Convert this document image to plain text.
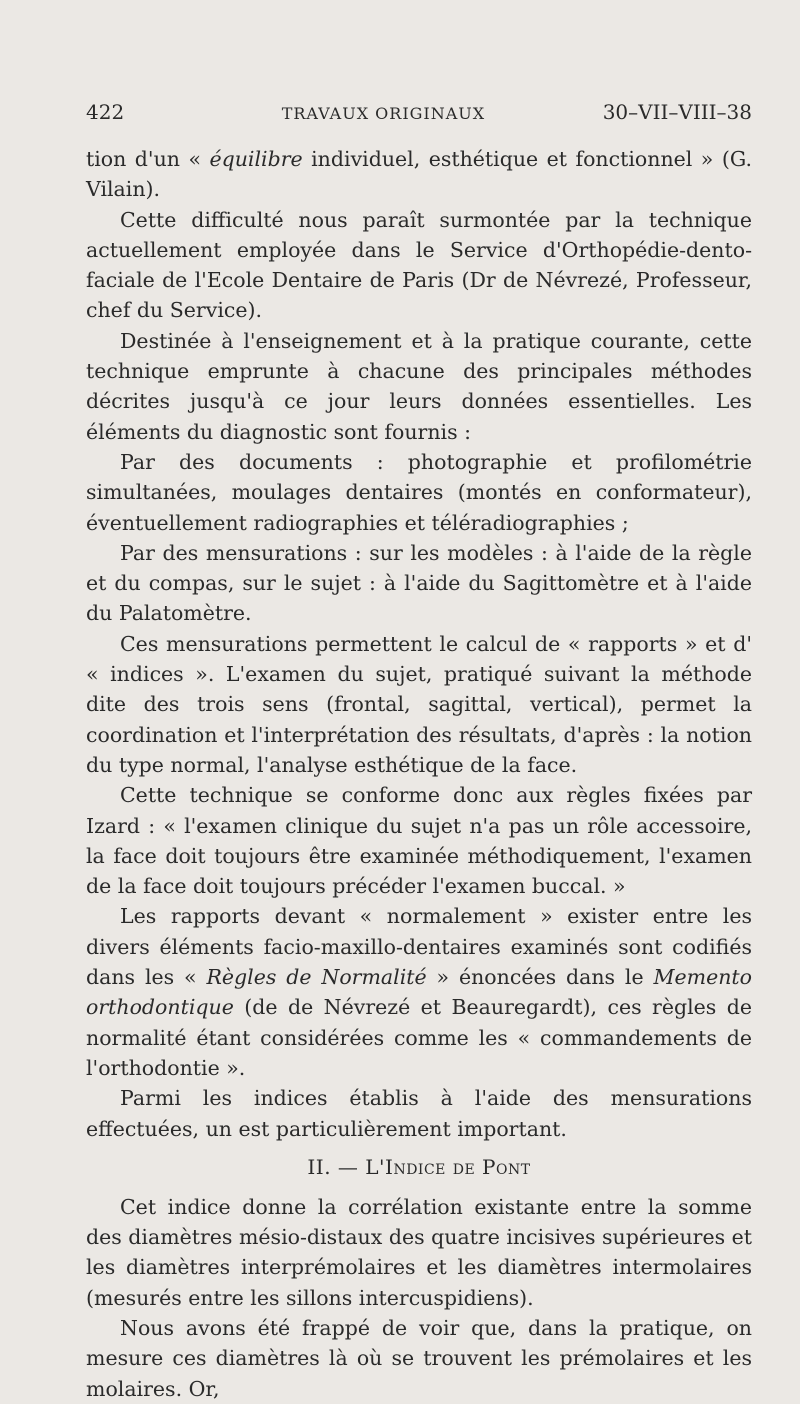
422	TRAVAUX ORIGINAUX	30–VII–VIII–38

tion d'un « équilibre individuel, esthétique et fonctionnel » (G. Vilain).

Cette difficulté nous paraît surmontée par la technique actuellement employée dans le Service d'Orthopédie-dento-faciale de l'Ecole Dentaire de Paris (Dr de Névrezé, Professeur, chef du Service).

Destinée à l'enseignement et à la pratique courante, cette technique emprunte à chacune des principales méthodes décrites jusqu'à ce jour leurs données essentielles. Les éléments du diagnostic sont fournis :

Par des documents : photographie et profilométrie simultanées, moulages dentaires (montés en conformateur), éventuellement radiographies et téléradiographies ;

Par des mensurations : sur les modèles : à l'aide de la règle et du compas, sur le sujet : à l'aide du Sagittomètre et à l'aide du Palatomètre.

Ces mensurations permettent le calcul de « rapports » et d' « indices ». L'examen du sujet, pratiqué suivant la méthode dite des trois sens (frontal, sagittal, vertical), permet la coordination et l'interprétation des résultats, d'après : la notion du type normal, l'analyse esthétique de la face.

Cette technique se conforme donc aux règles fixées par Izard : « l'examen clinique du sujet n'a pas un rôle accessoire, la face doit toujours être examinée méthodiquement, l'examen de la face doit toujours précéder l'examen buccal. »

Les rapports devant « normalement » exister entre les divers éléments facio-maxillo-dentaires examinés sont codifiés dans les « Règles de Normalité » énoncées dans le Memento orthodontique (de de Névrezé et Beauregardt), ces règles de normalité étant considérées comme les « commandements de l'orthodontie ».

Parmi les indices établis à l'aide des mensurations effectuées, un est particulièrement important.

II. — L'Indice de Pont

Cet indice donne la corrélation existante entre la somme des diamètres mésio-distaux des quatre incisives supérieures et les diamètres interprémolaires et les diamètres intermolaires (mesurés entre les sillons intercuspidiens).

Nous avons été frappé de voir que, dans la pratique, on mesure ces diamètres là où se trouvent les prémolaires et les molaires. Or,
